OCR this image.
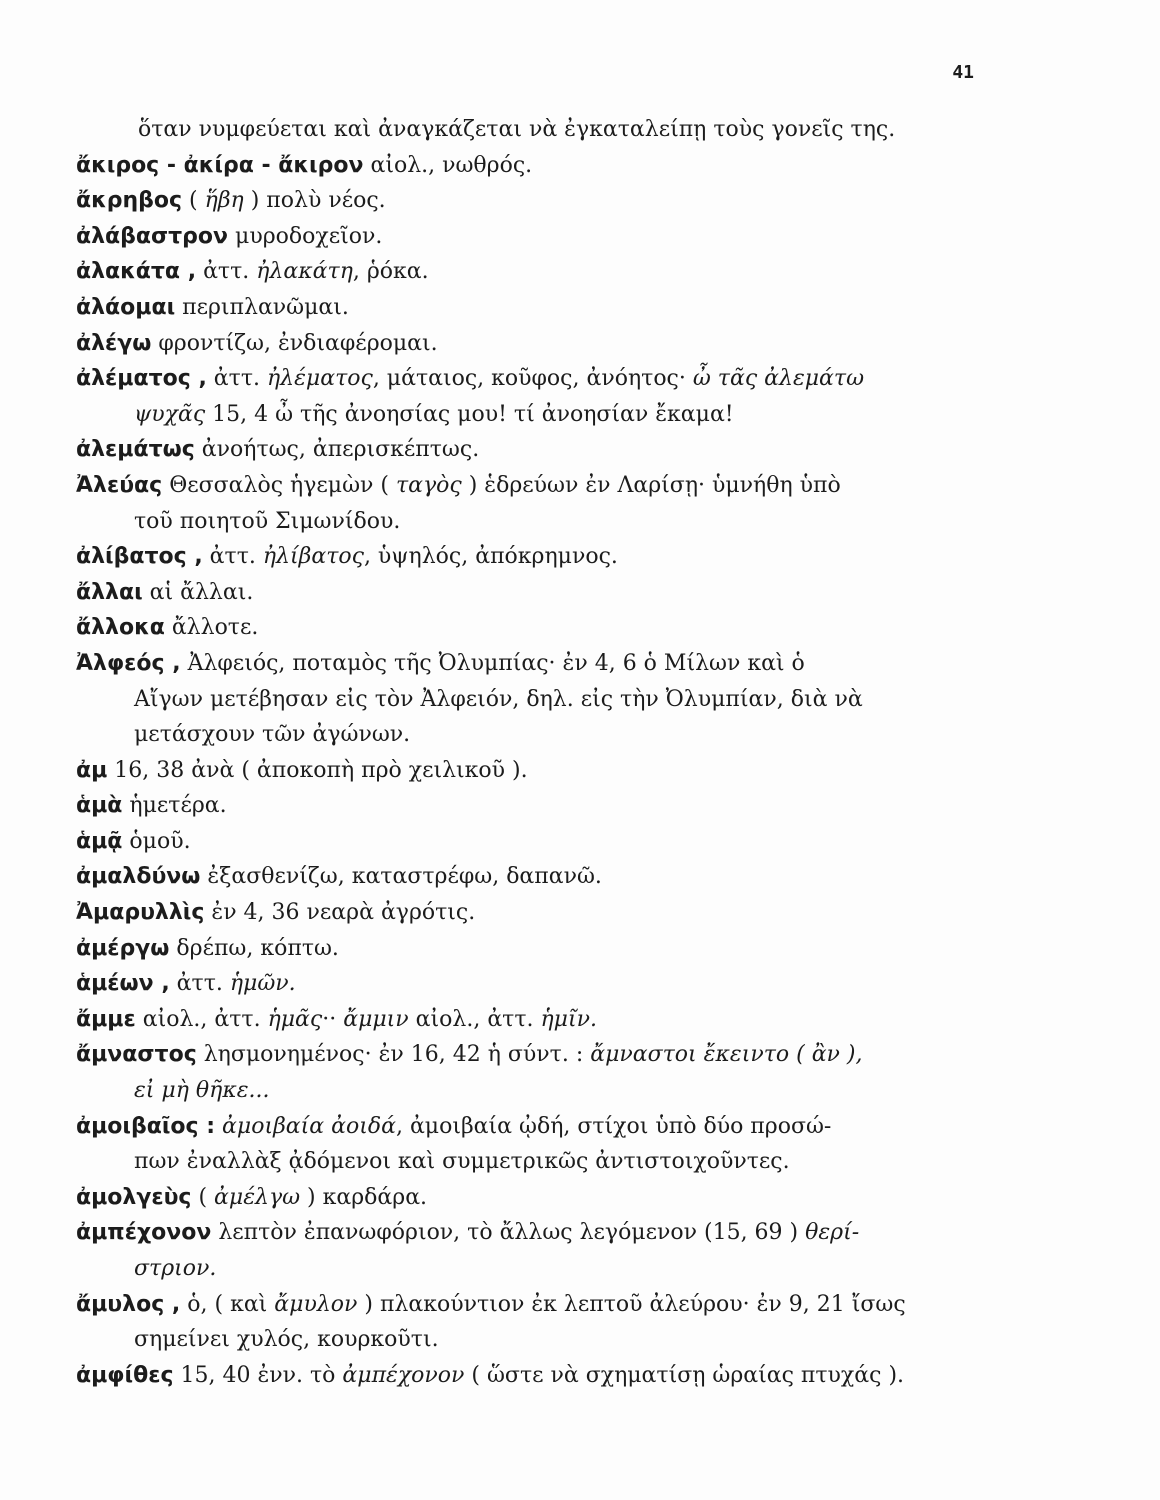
41
ὅταν νυμφεύεται καὶ ἀναγκάζεται νὰ ἐγκαταλείπῃ τοὺς γονεῖς της.
ἄκιρος - ἀκίρα - ἄκιρον αἰολ., νωθρός.
ἄκρηβος ( ἥβη ) πολὺ νέος.
ἀλάβαστρον μυροδοχεῖον.
ἀλακάτα , ἀττ. ἠλακάτη, ῥόκα.
ἀλάομαι περιπλανῶμαι.
ἀλέγω φροντίζω, ἐνδιαφέρομαι.
ἀλέματος , ἀττ. ἠλέματος, μάταιος, κοῦφος, ἀνόητος· ὦ τᾶς ἀλεμάτω
ψυχᾶς 15, 4 ὦ τῆς ἀνοησίας μου! τί ἀνοησίαν ἔκαμα!
ἀλεμάτως ἀνοήτως, ἀπερισκέπτως.
Ἀλεύας Θεσσαλὸς ἡγεμὼν ( ταγὸς ) ἑδρεύων ἐν Λαρίσῃ· ὑμνήθη ὑπὸ
τοῦ ποιητοῦ Σιμωνίδου.
ἀλίβατος , ἀττ. ἠλίβατος, ὑψηλός, ἀπόκρημνος.
ἄλλαι αἱ ἄλλαι.
ἄλλοκα ἄλλοτε.
Ἀλφεός , Ἀλφειός, ποταμὸς τῆς Ὀλυμπίας· ἐν 4, 6 ὁ Μίλων καὶ ὁ
Αἴγων μετέβησαν εἰς τὸν Ἀλφειόν, δηλ. εἰς τὴν Ὀλυμπίαν, διὰ νὰ
μετάσχουν τῶν ἀγώνων.
ἀμ 16, 38 ἀνὰ ( ἀποκοπὴ πρὸ χειλικοῦ ).
ἁμὰ ἡμετέρα.
ἁμᾷ ὁμοῦ.
ἀμαλδύνω ἐξασθενίζω, καταστρέφω, δαπανῶ.
Ἀμαρυλλὶς ἐν 4, 36 νεαρὰ ἀγρότις.
ἀμέργω δρέπω, κόπτω.
ἁμέων , ἀττ. ἡμῶν.
ἄμμε αἰολ., ἀττ. ἡμᾶς·· ἄμμιν αἰολ., ἀττ. ἡμῖν.
ἄμναστος λησμονημένος· ἐν 16, 42 ἡ σύντ. : ἄμναστοι ἔκειντο ( ἂν ),
εἰ μὴ θῆκε...
ἀμοιβαῖος : ἀμοιβαία ἀοιδά, ἀμοιβαία ᾠδή, στίχοι ὑπὸ δύο προσώ-
πων ἐναλλὰξ ᾀδόμενοι καὶ συμμετρικῶς ἀντιστοιχοῦντες.
ἀμολγεὺς ( ἀμέλγω ) καρδάρα.
ἀμπέχονον λεπτὸν ἐπανωφόριον, τὸ ἄλλως λεγόμενον (15, 69 ) θερί-
στριον.
ἄμυλος , ὁ, ( καὶ ἄμυλον ) πλακούντιον ἐκ λεπτοῦ ἀλεύρου· ἐν 9, 21 ἴσως
σημείνει χυλός, κουρκοῦτι.
ἀμφίθες 15, 40 ἐνν. τὸ ἀμπέχονον ( ὥστε νὰ σχηματίσῃ ὡραίας πτυχάς ).
